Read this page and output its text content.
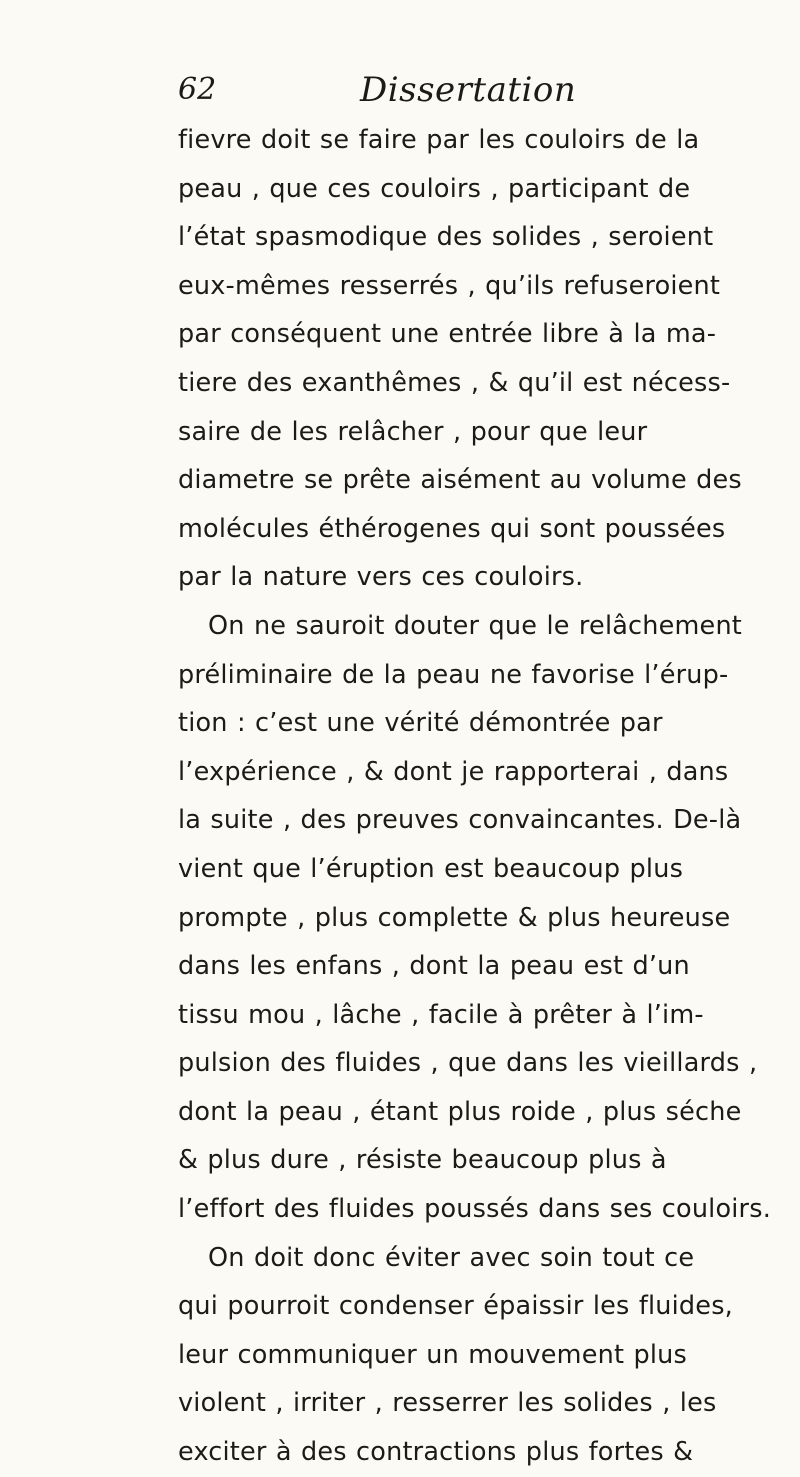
62	Dissertation
fievre doit se faire par les couloirs de la
peau , que ces couloirs , participant de
l’état spasmodique des solides , seroient
eux-mêmes resserrés , qu’ils refuseroient
par conséquent une entrée libre à la ma-
tiere des exanthêmes , & qu’il est nécess-
saire de les relâcher , pour que leur
diametre se prête aisément au volume des
molécules éthérogenes qui sont poussées
par la nature vers ces couloirs.
On ne sauroit douter que le relâchement
préliminaire de la peau ne favorise l’érup-
tion : c’est une vérité démontrée par
l’expérience , & dont je rapporterai , dans
la suite , des preuves convaincantes. De-là
vient que l’éruption est beaucoup plus
prompte , plus complette & plus heureuse
dans les enfans , dont la peau est d’un
tissu mou , lâche , facile à prêter à l’im-
pulsion des fluides , que dans les vieillards ,
dont la peau , étant plus roide , plus séche
& plus dure , résiste beaucoup plus à
l’effort des fluides poussés dans ses couloirs.
On doit donc éviter avec soin tout ce
qui pourroit condenser épaissir les fluides,
leur communiquer un mouvement plus
violent , irriter , resserrer les solides , les
exciter à des contractions plus fortes &
